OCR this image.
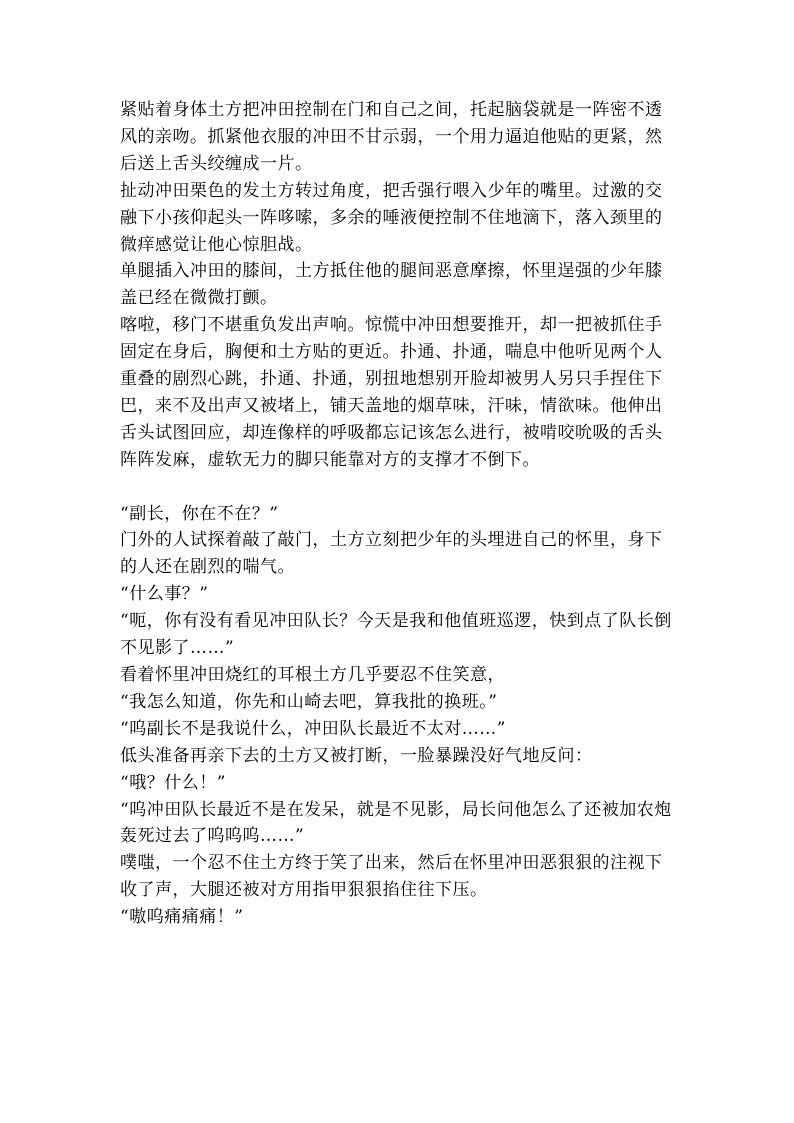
紧贴着身体土方把冲田控制在门和自己之间，托起脑袋就是一阵密不透风的亲吻。抓紧他衣服的冲田不甘示弱，一个用力逼迫他贴的更紧，然后送上舌头绞缠成一片。

扯动冲田栗色的发土方转过角度，把舌强行喂入少年的嘴里。过激的交融下小孩仰起头一阵哆嗦，多余的唾液便控制不住地滴下，落入颈里的微痒感觉让他心惊胆战。

单腿插入冲田的膝间，土方抵住他的腿间恶意摩擦，怀里逞强的少年膝盖已经在微微打颤。

喀啦，移门不堪重负发出声响。惊慌中冲田想要推开，却一把被抓住手固定在身后，胸便和土方贴的更近。扑通、扑通，喘息中他听见两个人重叠的剧烈心跳，扑通、扑通，别扭地想别开脸却被男人另只手捏住下巴，来不及出声又被堵上，铺天盖地的烟草味，汗味，情欲味。他伸出舌头试图回应，却连像样的呼吸都忘记该怎么进行，被啃咬吮吸的舌头阵阵发麻，虚软无力的脚只能靠对方的支撑才不倒下。

“副长，你在不在？”

门外的人试探着敲了敲门，土方立刻把少年的头埋进自己的怀里，身下的人还在剧烈的喘气。

“什么事？”

“呃，你有没有看见冲田队长？今天是我和他值班巡逻，快到点了队长倒不见影了……”

看着怀里冲田烧红的耳根土方几乎要忍不住笑意，

“我怎么知道，你先和山崎去吧，算我批的换班。”

“呜副长不是我说什么，冲田队长最近不太对……”

低头准备再亲下去的土方又被打断，一脸暴躁没好气地反问：

“哦？什么！”

“呜冲田队长最近不是在发呆，就是不见影，局长问他怎么了还被加农炮轰死过去了呜呜呜……”

噗嗤，一个忍不住土方终于笑了出来，然后在怀里冲田恶狠狠的注视下收了声，大腿还被对方用指甲狠狠掐住往下压。

“嗷呜痛痛痛！”
